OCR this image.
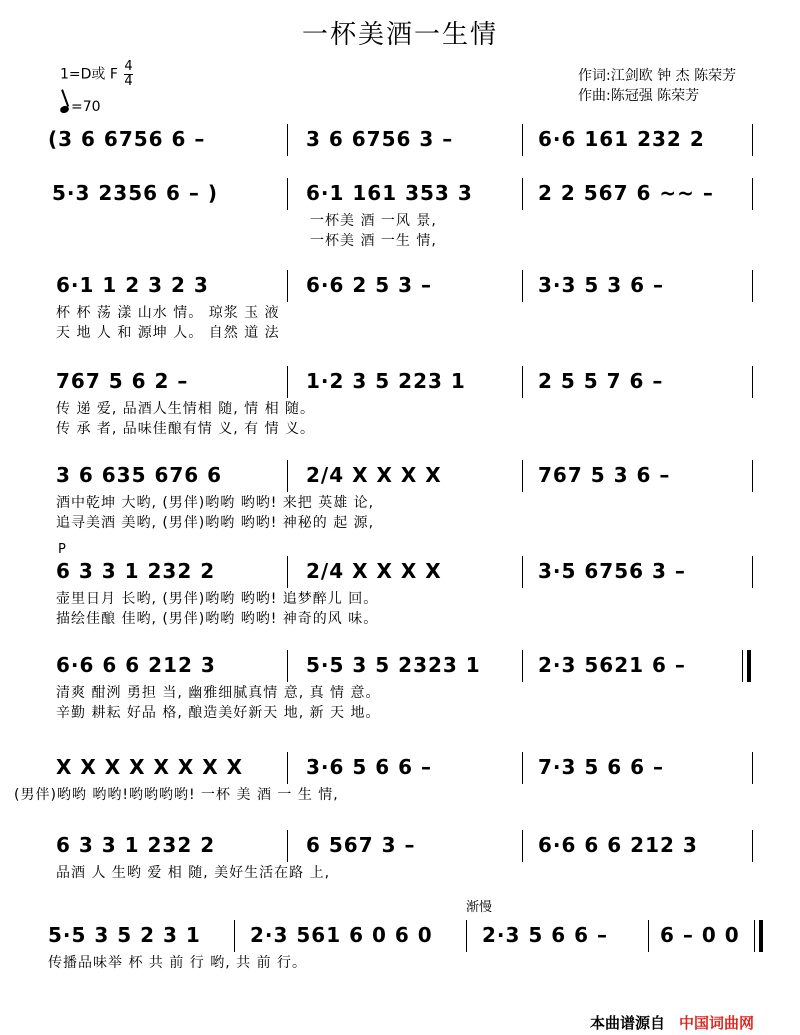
一杯美酒一生情
1=D或 F $\frac{4}{4}$
=70
作词:江剑欧 钟 杰 陈荣芳
作曲:陈冠强 陈荣芳
(3 6 6756 6 –	3 6 6756 3 –	6·6 161 232 2
5·3 2356 6 – )	6·1 161 353 3	2 2 567 6 ~~ –
一杯美 酒 一风 景,
一杯美 酒 一生 情,
6·1 1 2 3 2 3	6·6 2 5 3 –	3·3 5 3 6 –
杯 杯 荡 漾 山水 情。 琼浆 玉 液
天 地 人 和 源坤 人。 自然 道 法
767 5 6 2 –	1·2 3 5 223 1	2 5 5 7 6 –
传 递 爱, 品酒人生情相 随, 情 相 随。
传 承 者, 品味佳酿有情 义, 有 情 义。
3 6 635 676 6	2/4 X X X X	767 5 3 6 –
酒中乾坤 大哟, (男伴)哟哟 哟哟! 来把 英雄 论,
追寻美酒 美哟, (男伴)哟哟 哟哟! 神秘的 起 源,
P
6 3 3 1 232 2	2/4 X X X X	3·5 6756 3 –
壶里日月 长哟, (男伴)哟哟 哟哟! 追梦醉儿 回。
描绘佳酿 佳哟, (男伴)哟哟 哟哟! 神奇的风 味。
6·6 6 6 212 3	5·5 3 5 2323 1	2·3 5621 6 –
清爽 酣洌 勇担 当, 幽雅细腻真情 意, 真 情 意。
辛勤 耕耘 好品 格, 酿造美好新天 地, 新 天 地。
X X X X X X X X	3·6 5 6 6 –	7·3 5 6 6 –
(男伴)哟哟 哟哟!哟哟哟哟! 一杯 美 酒 一 生 情,
6 3 3 1 232 2	6 567 3 –	6·6 6 6 212 3
品酒 人 生哟 爱 相 随, 美好生活在路 上,
渐慢
5·5 3 5 2 3 1	2·3 561 6 0 6 0	2·3 5 6 6 –	6 – 0 0
传播品味举 杯 共 前 行 哟, 共 前 行。
本曲谱源自 中国词曲网
